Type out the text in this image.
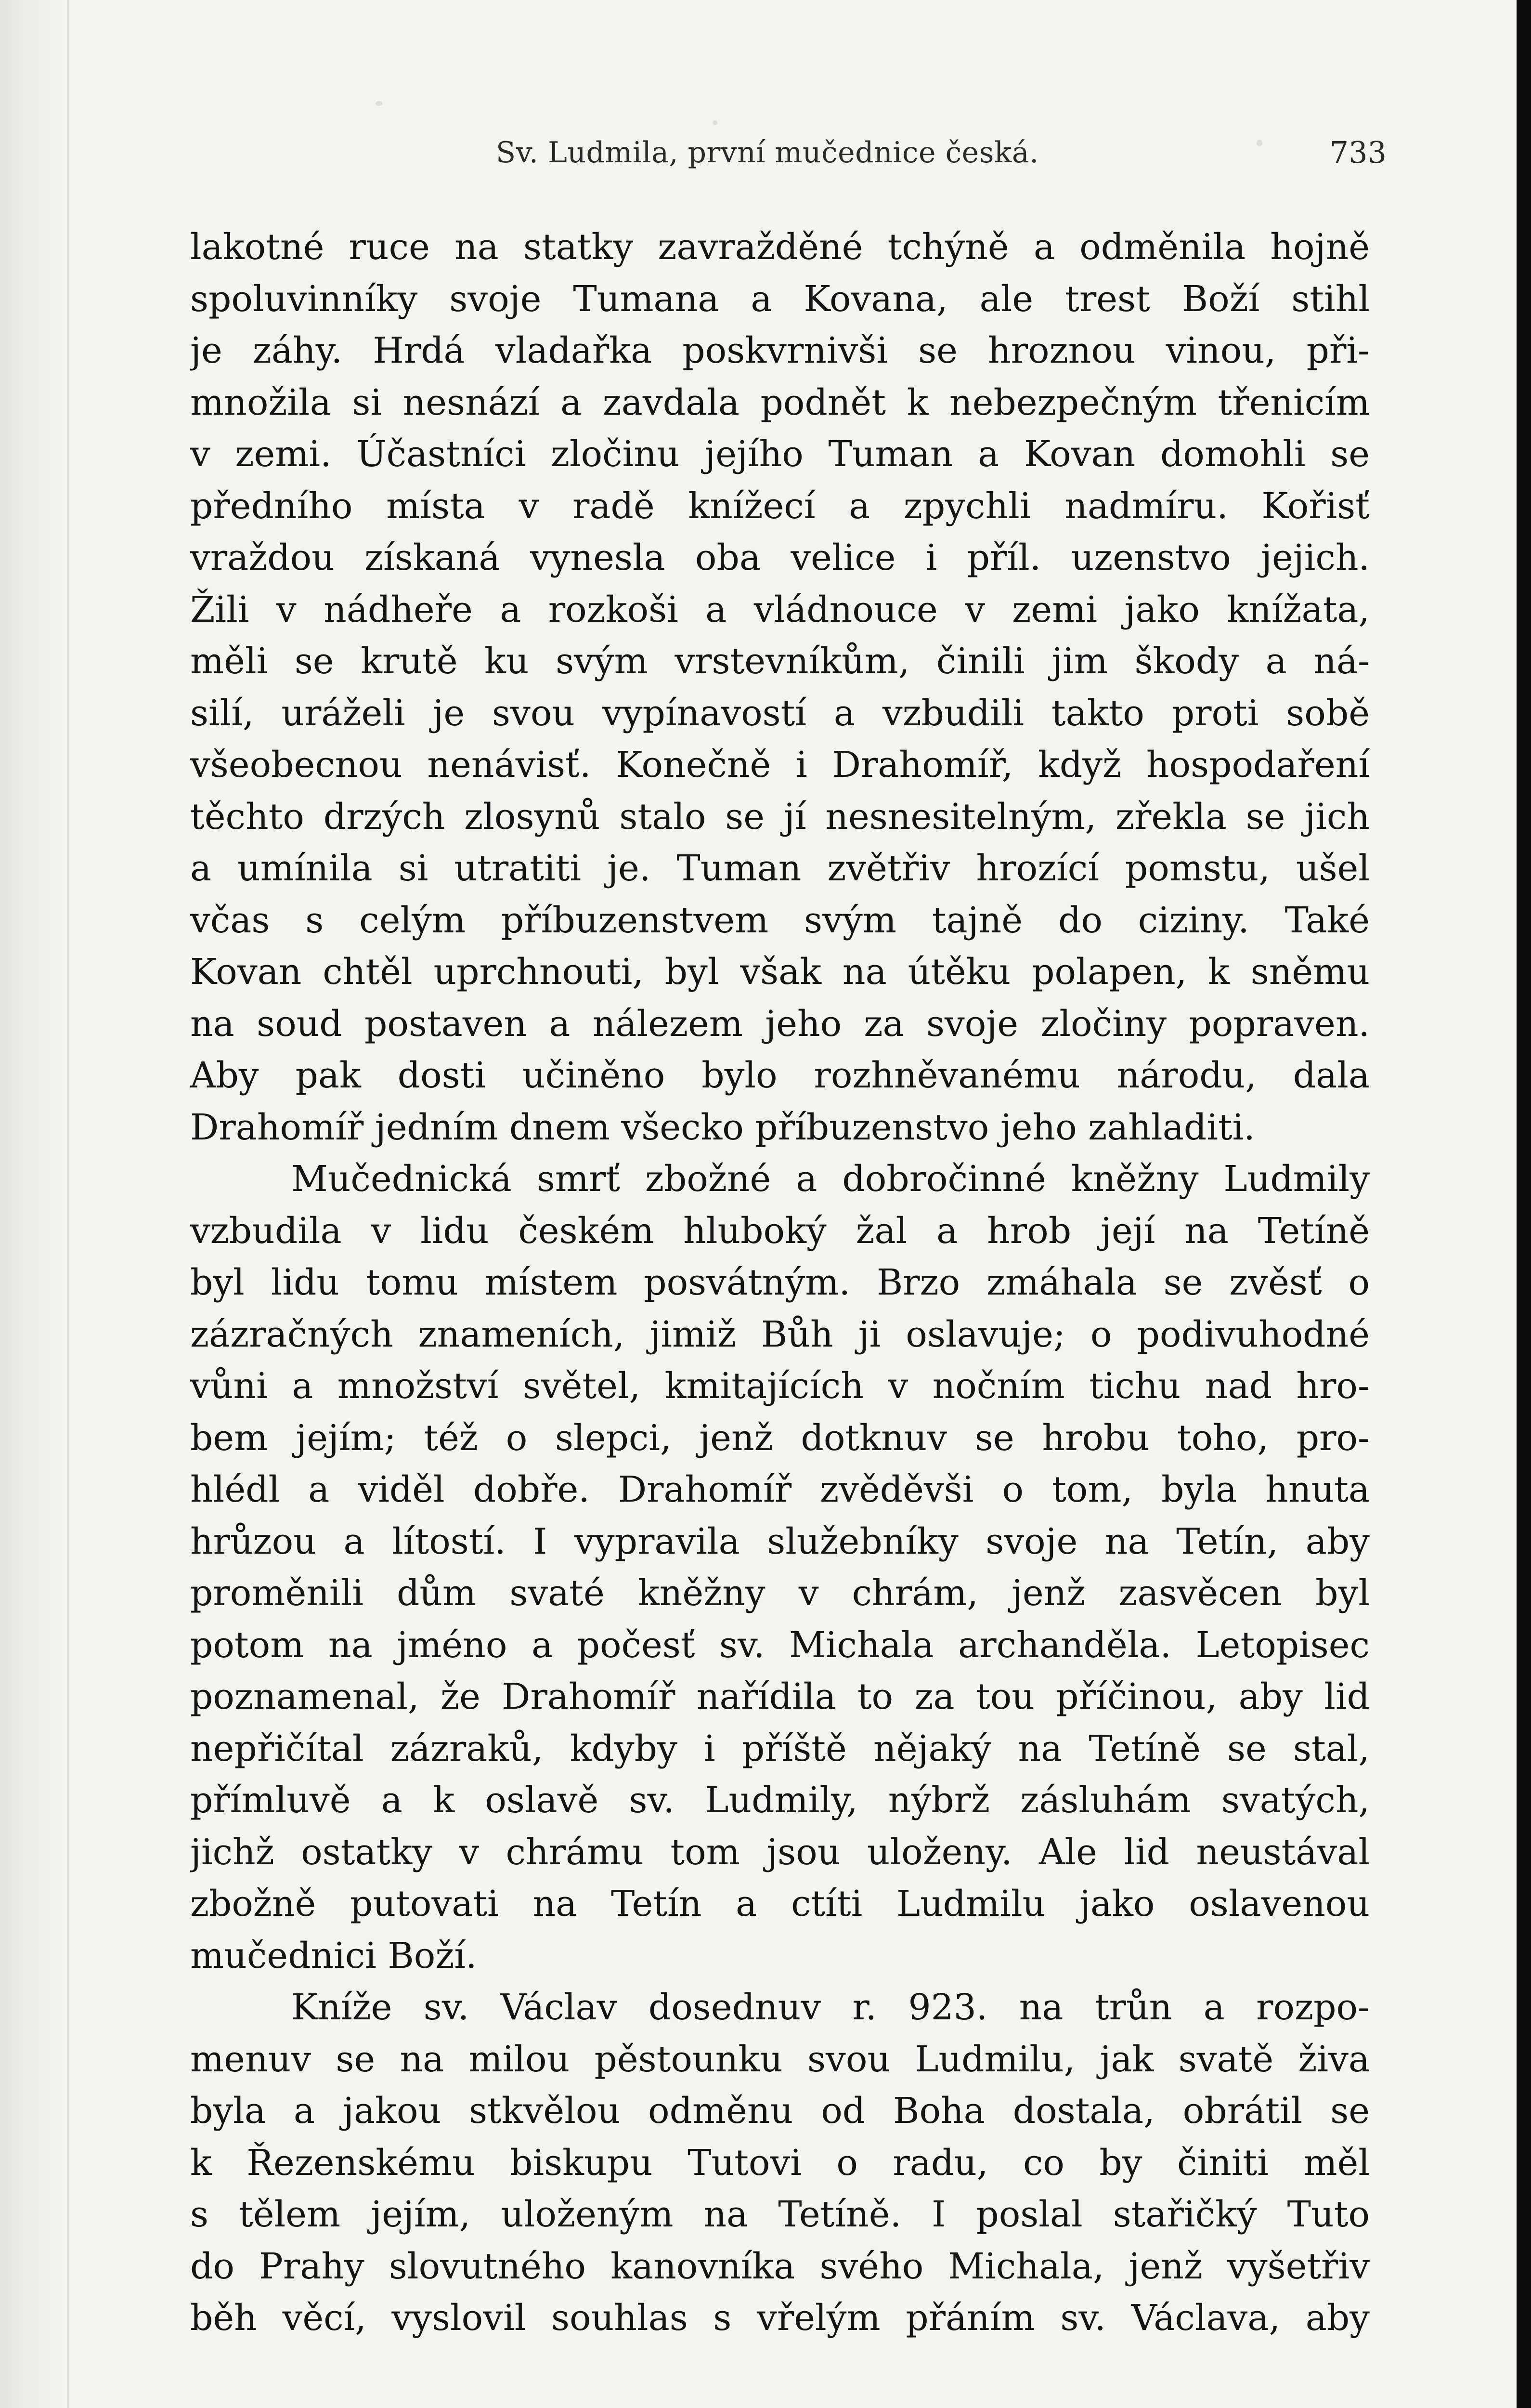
Sv. Ludmila, první mučednice česká.	733
lakotné ruce na statky zavražděné tchýně a odměnila hojně
spoluvinníky svoje Tumana a Kovana, ale trest Boží stihl
je záhy. Hrdá vladařka poskvrnivši se hroznou vinou, při-
množila si nesnází a zavdala podnět k nebezpečným třenicím
v zemi. Účastníci zločinu jejího Tuman a Kovan domohli se
předního místa v radě knížecí a zpychli nadmíru. Kořisť
vraždou získaná vynesla oba velice i příl. uzenstvo jejich.
Žili v nádheře a rozkoši a vládnouce v zemi jako knížata,
měli se krutě ku svým vrstevníkům, činili jim škody a ná-
silí, uráželi je svou vypínavostí a vzbudili takto proti sobě
všeobecnou nenávisť. Konečně i Drahomíř, když hospodaření
těchto drzých zlosynů stalo se jí nesnesitelným, zřekla se jich
a umínila si utratiti je. Tuman zvětřiv hrozící pomstu, ušel
včas s celým příbuzenstvem svým tajně do ciziny. Také
Kovan chtěl uprchnouti, byl však na útěku polapen, k sněmu
na soud postaven a nálezem jeho za svoje zločiny popraven.
Aby pak dosti učiněno bylo rozhněvanému národu, dala
Drahomíř jedním dnem všecko příbuzenstvo jeho zahladiti.
Mučednická smrť zbožné a dobročinné kněžny Ludmily
vzbudila v lidu českém hluboký žal a hrob její na Tetíně
byl lidu tomu místem posvátným. Brzo zmáhala se zvěsť o
zázračných znameních, jimiž Bůh ji oslavuje; o podivuhodné
vůni a množství světel, kmitajících v nočním tichu nad hro-
bem jejím; též o slepci, jenž dotknuv se hrobu toho, pro-
hlédl a viděl dobře. Drahomíř zvěděvši o tom, byla hnuta
hrůzou a lítostí. I vypravila služebníky svoje na Tetín, aby
proměnili dům svaté kněžny v chrám, jenž zasvěcen byl
potom na jméno a počesť sv. Michala archanděla. Letopisec
poznamenal, že Drahomíř nařídila to za tou příčinou, aby lid
nepřičítal zázraků, kdyby i příště nějaký na Tetíně se stal,
přímluvě a k oslavě sv. Ludmily, nýbrž zásluhám svatých,
jichž ostatky v chrámu tom jsou uloženy. Ale lid neustával
zbožně putovati na Tetín a ctíti Ludmilu jako oslavenou
mučednici Boží.
Kníže sv. Václav dosednuv r. 923. na trůn a rozpo-
menuv se na milou pěstounku svou Ludmilu, jak svatě živa
byla a jakou stkvělou odměnu od Boha dostala, obrátil se
k Řezenskému biskupu Tutovi o radu, co by činiti měl
s tělem jejím, uloženým na Tetíně. I poslal stařičký Tuto
do Prahy slovutného kanovníka svého Michala, jenž vyšetřiv
běh věcí, vyslovil souhlas s vřelým přáním sv. Václava, aby
